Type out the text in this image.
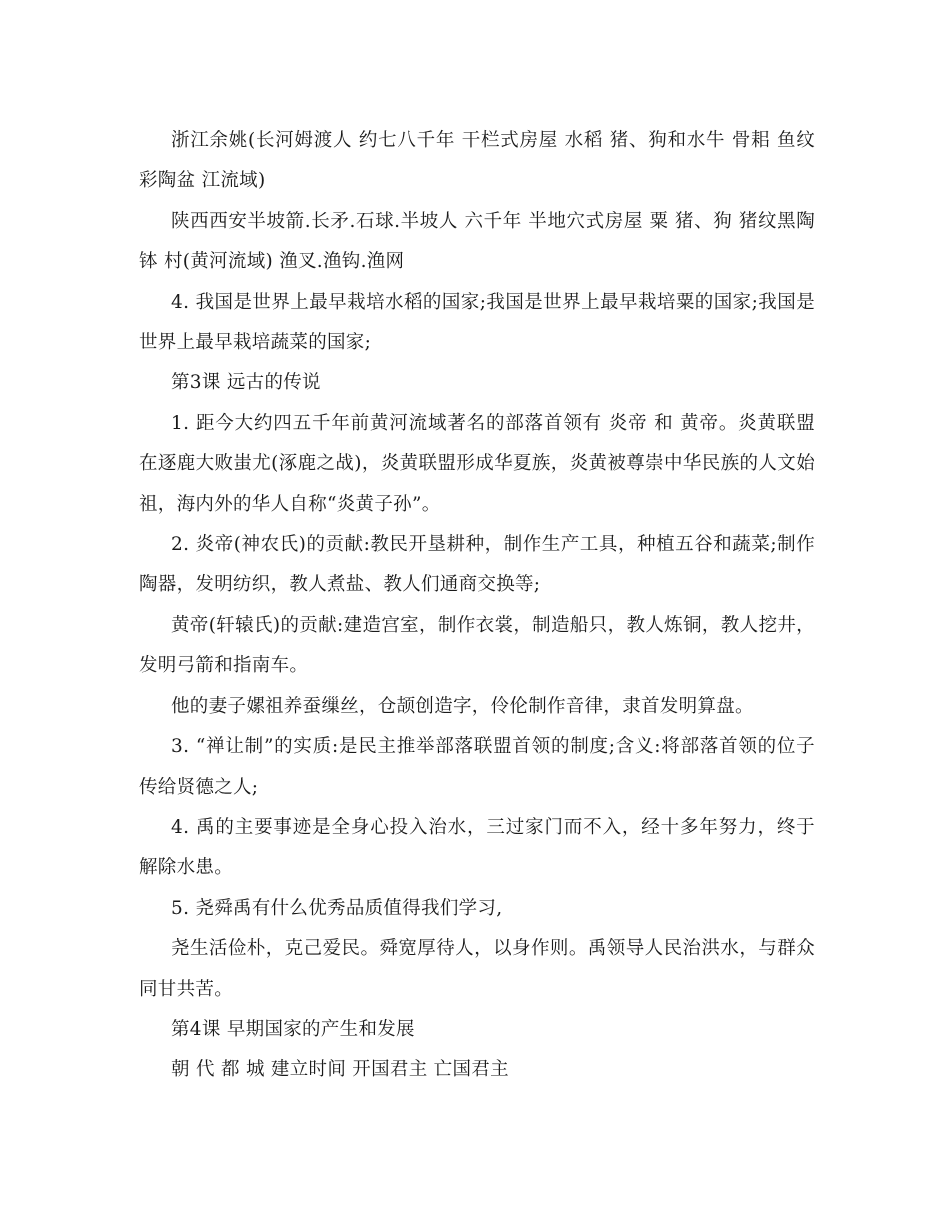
浙江余姚(长河姆渡人 约七八千年 干栏式房屋 水稻 猪、狗和水牛 骨耜 鱼纹彩陶盆 江流域)

陕西西安半坡箭.长矛.石球.半坡人 六千年 半地穴式房屋 粟 猪、狗 猪纹黑陶钵 村(黄河流域) 渔叉.渔钩.渔网

4. 我国是世界上最早栽培水稻的国家;我国是世界上最早栽培粟的国家;我国是世界上最早栽培蔬菜的国家;

第3课 远古的传说

1. 距今大约四五千年前黄河流域著名的部落首领有 炎帝 和 黄帝。炎黄联盟在逐鹿大败蚩尤(涿鹿之战)，炎黄联盟形成华夏族，炎黄被尊崇中华民族的人文始祖，海内外的华人自称“炎黄子孙”。

2. 炎帝(神农氏)的贡献:教民开垦耕种，制作生产工具，种植五谷和蔬菜;制作陶器，发明纺织，教人煮盐、教人们通商交换等;

黄帝(轩辕氏)的贡献:建造宫室，制作衣裳，制造船只，教人炼铜，教人挖井，发明弓箭和指南车。

他的妻子嫘祖养蚕缫丝，仓颉创造字，伶伦制作音律，隶首发明算盘。

3. “禅让制”的实质:是民主推举部落联盟首领的制度;含义:将部落首领的位子传给贤德之人;

4. 禹的主要事迹是全身心投入治水，三过家门而不入，经十多年努力，终于解除水患。

5. 尧舜禹有什么优秀品质值得我们学习,

尧生活俭朴，克己爱民。舜宽厚待人，以身作则。禹领导人民治洪水，与群众同甘共苦。

第4课 早期国家的产生和发展

朝 代 都 城 建立时间 开国君主 亡国君主
